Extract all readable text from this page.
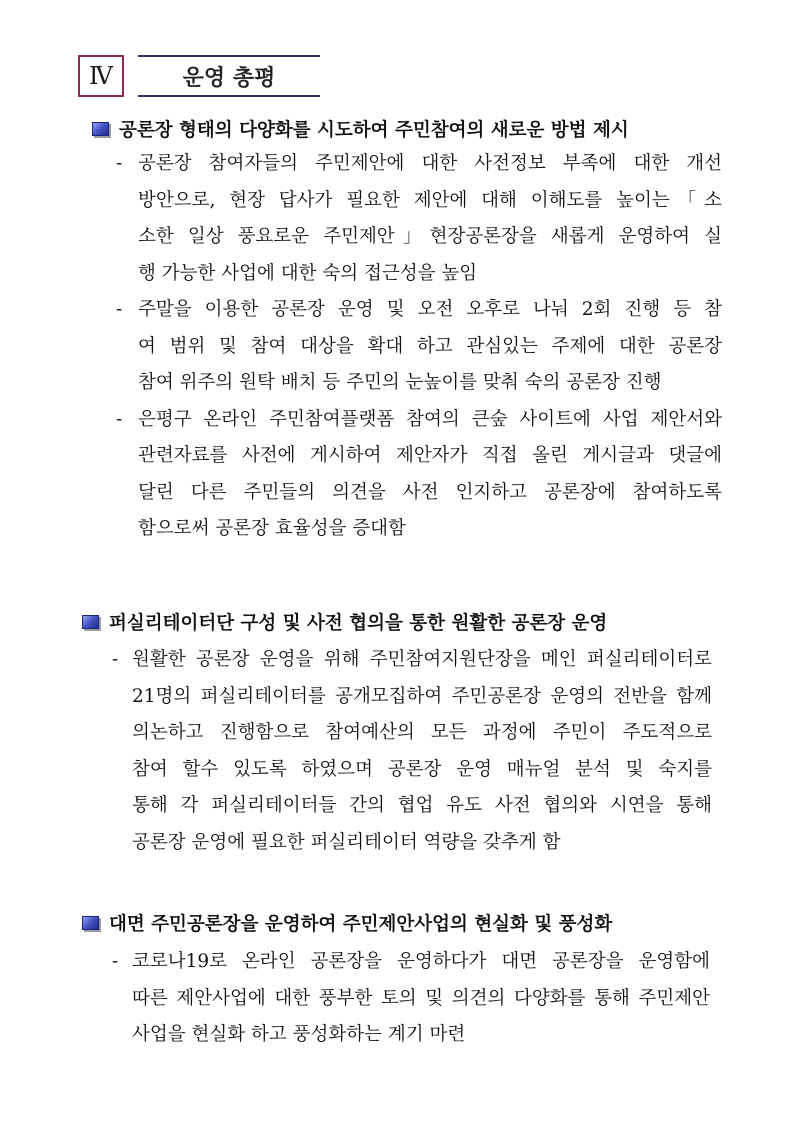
Ⅳ	운영 총평
공론장 형태의 다양화를 시도하여 주민참여의 새로운 방법 제시
- 공론장 참여자들의 주민제안에 대한 사전정보 부족에 대한 개선
방안으로, 현장 답사가 필요한 제안에 대해 이해도를 높이는「소
소한 일상 풍요로운 주민제안」현장공론장을 새롭게 운영하여 실
행 가능한 사업에 대한 숙의 접근성을 높임
- 주말을 이용한 공론장 운영 및 오전 오후로 나눠 2회 진행 등 참
여 범위 및 참여 대상을 확대 하고 관심있는 주제에 대한 공론장
참여 위주의 원탁 배치 등 주민의 눈높이를 맞춰 숙의 공론장 진행
- 은평구 온라인 주민참여플랫폼 참여의 큰숲 사이트에 사업 제안서와
관련자료를 사전에 게시하여 제안자가 직접 올린 게시글과 댓글에
달린 다른 주민들의 의견을 사전 인지하고 공론장에 참여하도록
함으로써 공론장 효율성을 증대함
퍼실리테이터단 구성 및 사전 협의을 통한 원활한 공론장 운영
- 원활한 공론장 운영을 위해 주민참여지원단장을 메인 퍼실리테이터로
21명의 퍼실리테이터를 공개모집하여 주민공론장 운영의 전반을 함께
의논하고 진행함으로 참여예산의 모든 과정에 주민이 주도적으로
참여 할수 있도록 하였으며 공론장 운영 매뉴얼 분석 및 숙지를
통해 각 퍼실리테이터들 간의 협업 유도 사전 협의와 시연을 통해
공론장 운영에 필요한 퍼실리테이터 역량을 갖추게 함
대면 주민공론장을 운영하여 주민제안사업의 현실화 및 풍성화
- 코로나19로 온라인 공론장을 운영하다가 대면 공론장을 운영함에
따른 제안사업에 대한 풍부한 토의 및 의견의 다양화를 통해 주민제안
사업을 현실화 하고 풍성화하는 계기 마련
